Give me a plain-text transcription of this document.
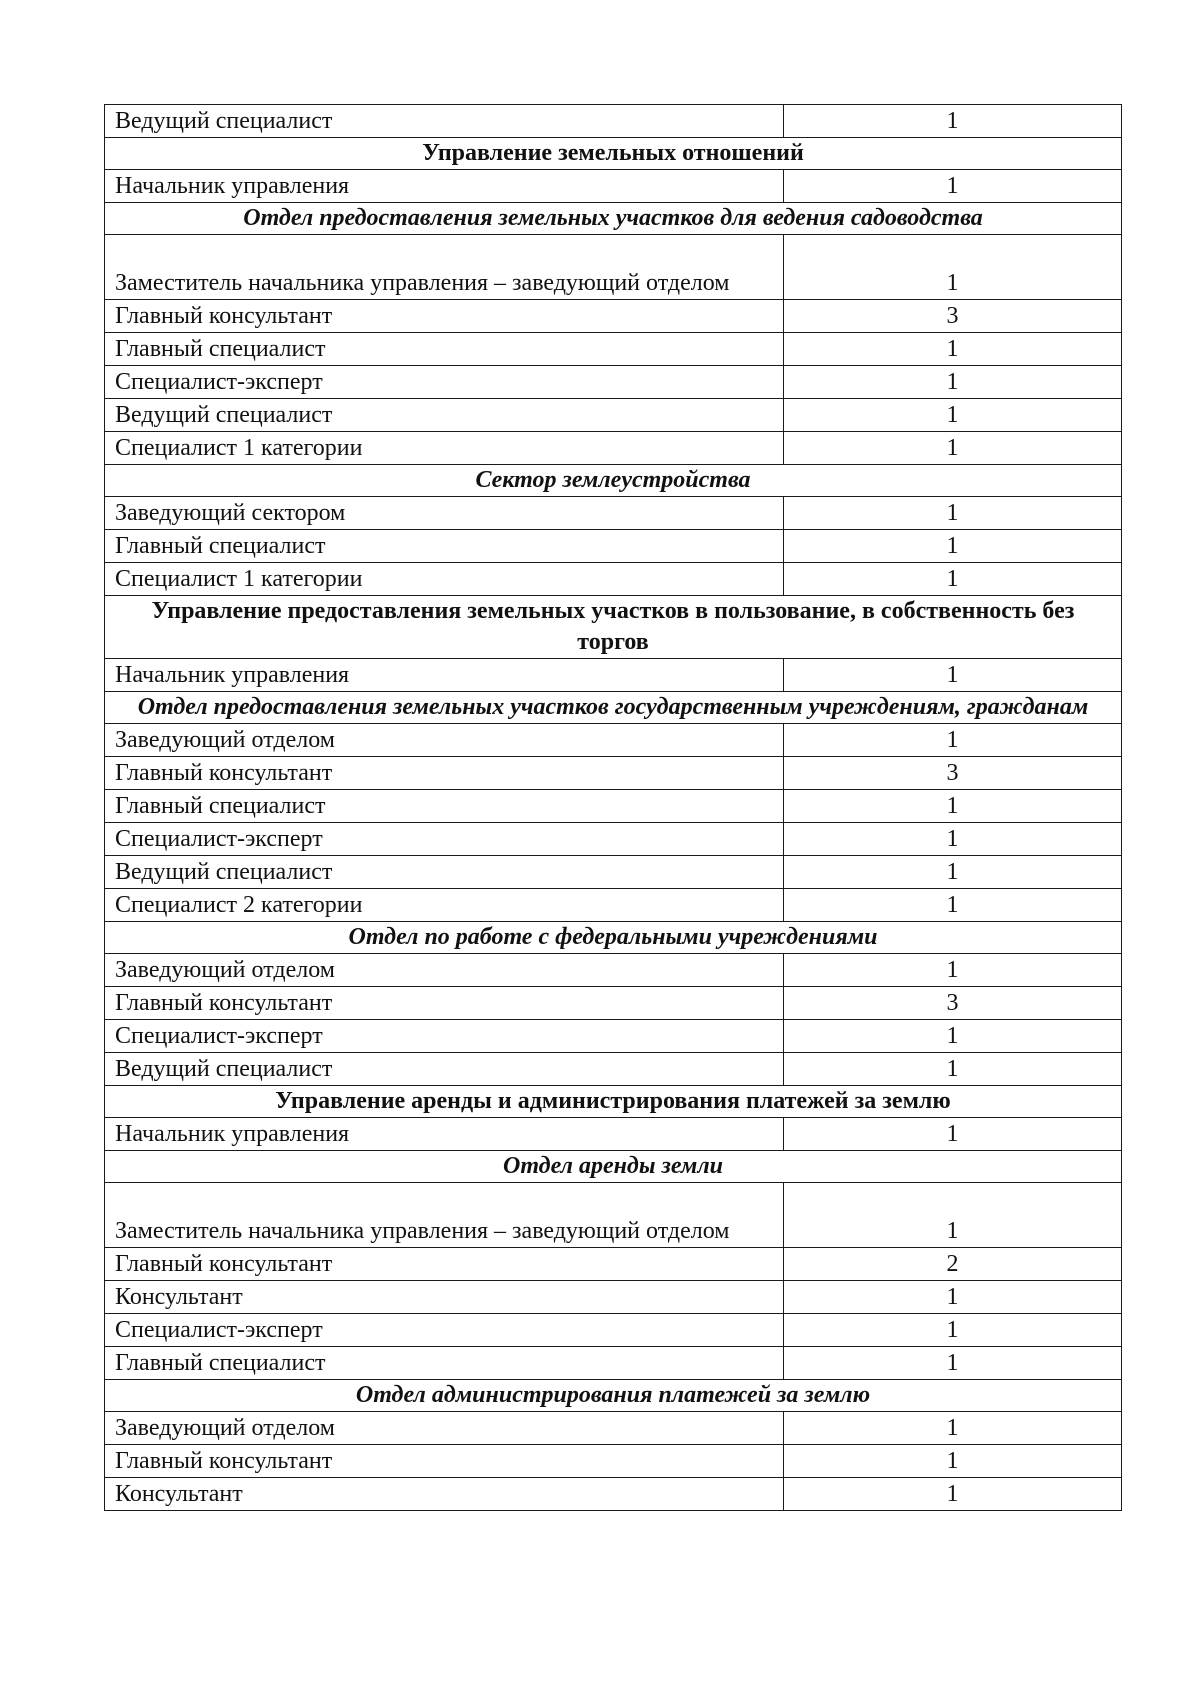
Ведущий специалист	1
Управление земельных отношений	
Начальник управления	1
Отдел предоставления земельных участков для ведения садоводства	
Заместитель начальника управления – заведующий отделом	1
Главный консультант	3
Главный специалист	1
Специалист-эксперт	1
Ведущий специалист	1
Специалист 1 категории	1
Сектор землеустройства	
Заведующий сектором	1
Главный специалист	1
Специалист 1 категории	1
Управление предоставления земельных участков в пользование, в собственность без торгов	
Начальник управления	1
Отдел предоставления земельных участков государственным учреждениям, гражданам	
Заведующий отделом	1
Главный консультант	3
Главный специалист	1
Специалист-эксперт	1
Ведущий специалист	1
Специалист 2 категории	1
Отдел по работе с федеральными учреждениями	
Заведующий отделом	1
Главный консультант	3
Специалист-эксперт	1
Ведущий специалист	1
Управление аренды и администрирования платежей за землю	
Начальник управления	1
Отдел аренды земли	
Заместитель начальника управления – заведующий отделом	1
Главный консультант	2
Консультант	1
Специалист-эксперт	1
Главный специалист	1
Отдел администрирования платежей за землю	
Заведующий отделом	1
Главный консультант	1
Консультант	1
